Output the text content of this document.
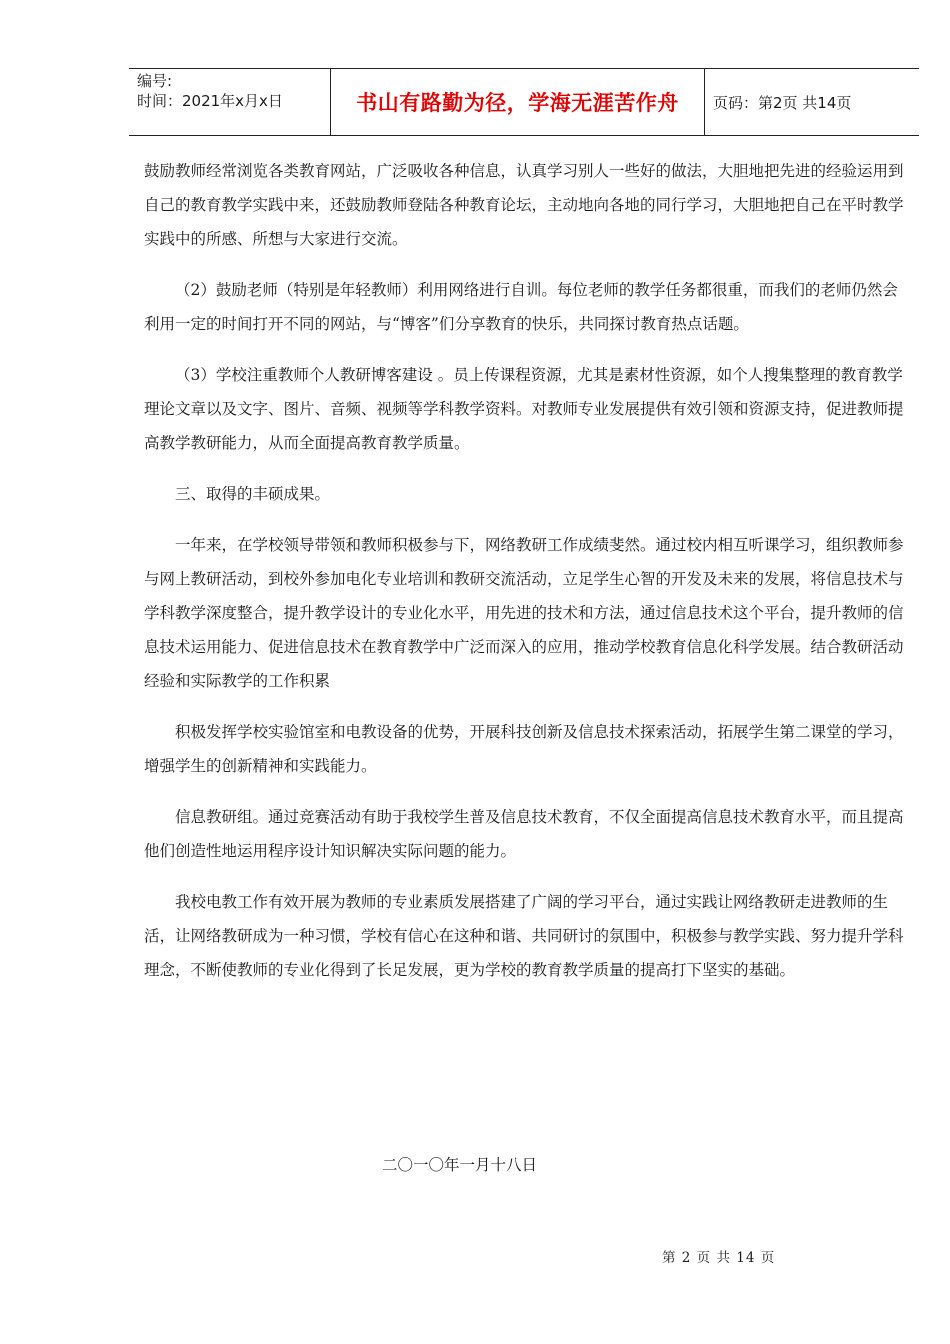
编号:
时间：2021年x月x日	书山有路勤为径，学海无涯苦作舟	页码：第2页 共14页

鼓励教师经常浏览各类教育网站，广泛吸收各种信息，认真学习别人一些好的做法，大胆地把先进的经验运用到自己的教育教学实践中来，还鼓励教师登陆各种教育论坛，主动地向各地的同行学习，大胆地把自己在平时教学实践中的所感、所想与大家进行交流。

（2）鼓励老师（特别是年轻教师）利用网络进行自训。每位老师的教学任务都很重，而我们的老师仍然会利用一定的时间打开不同的网站，与“博客”们分享教育的快乐，共同探讨教育热点话题。

（3）学校注重教师个人教研博客建设 。员上传课程资源，尤其是素材性资源，如个人搜集整理的教育教学理论文章以及文字、图片、音频、视频等学科教学资料。对教师专业发展提供有效引领和资源支持，促进教师提高教学教研能力，从而全面提高教育教学质量。

三、取得的丰硕成果。

一年来，在学校领导带领和教师积极参与下，网络教研工作成绩斐然。通过校内相互听课学习，组织教师参与网上教研活动，到校外参加电化专业培训和教研交流活动，立足学生心智的开发及未来的发展，将信息技术与学科教学深度整合，提升教学设计的专业化水平，用先进的技术和方法，通过信息技术这个平台，提升教师的信息技术运用能力、促进信息技术在教育教学中广泛而深入的应用，推动学校教育信息化科学发展。结合教研活动经验和实际教学的工作积累

积极发挥学校实验馆室和电教设备的优势，开展科技创新及信息技术探索活动，拓展学生第二课堂的学习，增强学生的创新精神和实践能力。

信息教研组。通过竞赛活动有助于我校学生普及信息技术教育，不仅全面提高信息技术教育水平，而且提高他们创造性地运用程序设计知识解决实际问题的能力。

我校电教工作有效开展为教师的专业素质发展搭建了广阔的学习平台，通过实践让网络教研走进教师的生活，让网络教研成为一种习惯，学校有信心在这种和谐、共同研讨的氛围中，积极参与教学实践、努力提升学科理念，不断使教师的专业化得到了长足发展，更为学校的教育教学质量的提高打下坚实的基础。

二〇一〇年一月十八日
第 2 页 共 14 页
